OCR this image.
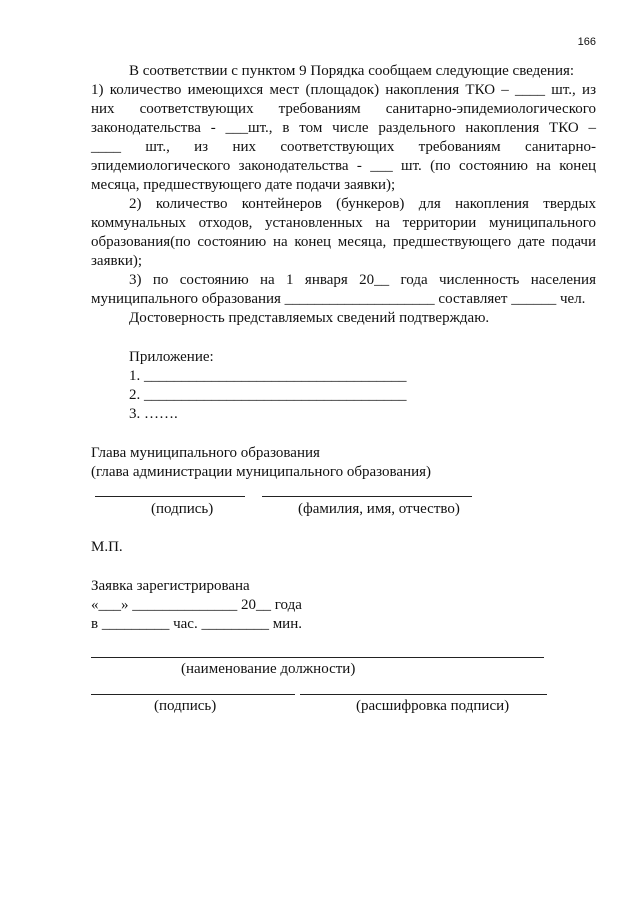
166
В соответствии с пунктом 9 Порядка сообщаем следующие сведения:
1) количество имеющихся мест (площадок) накопления ТКО – ____ шт., из
них соответствующих требованиям санитарно-эпидемиологического
законодательства - ___шт., в том числе раздельного накопления ТКО –
____ шт., из них соответствующих требованиям санитарно-
эпидемиологического законодательства - ___ шт. (по состоянию на конец
месяца, предшествующего дате подачи заявки);
2) количество контейнеров (бункеров) для накопления твердых
коммунальных отходов, установленных на территории муниципального
образования(по состоянию на конец месяца, предшествующего дате подачи
заявки);
3) по состоянию на 1 января 20__ года численность населения
муниципального образования ____________________ составляет ______ чел.
Достоверность представляемых сведений подтверждаю.
Приложение:
1. ___________________________________
2. ___________________________________
3. …….
Глава муниципального образования
(глава администрации муниципального образования)
(подпись)	(фамилия, имя, отчество)
М.П.
Заявка зарегистрирована
«___» ______________ 20__ года
в _________ час. _________ мин.
(наименование должности)
(подпись)	(расшифровка подписи)
